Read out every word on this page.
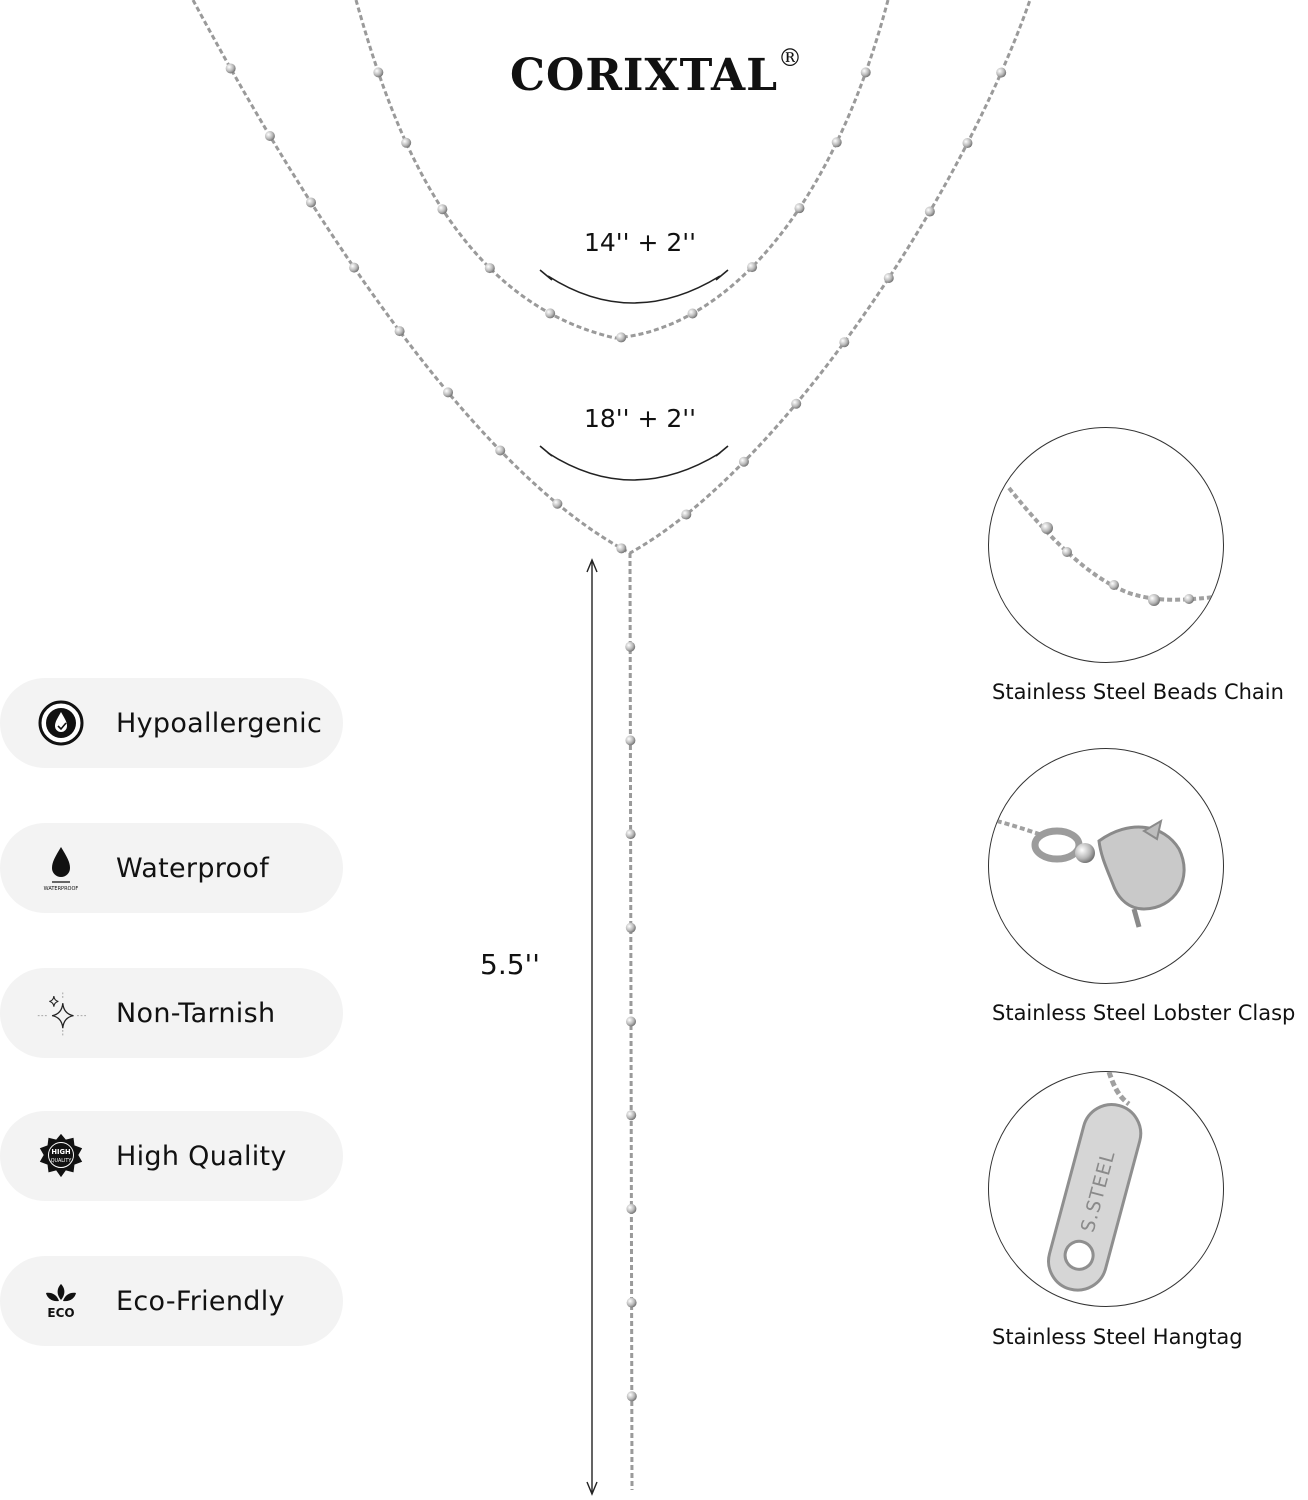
CORIXTAL®
14'' + 2''
18'' + 2''
5.5''
Hypoallergenic
WATERPROOF
Waterproof
Non-Tarnish
HIGH
QUALITY High Quality
ECO Eco-Friendly
Stainless Steel Beads Chain
Stainless Steel Lobster Clasp
S.STEEL
Stainless Steel Hangtag
